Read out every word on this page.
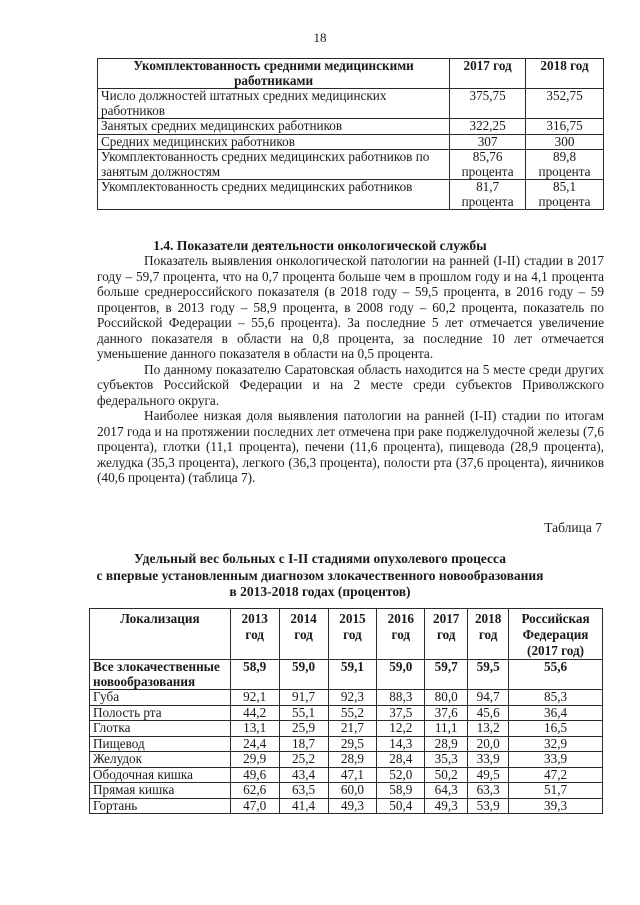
18
Укомплектованность средними медицинскими работниками	2017 год	2018 год
Число должностей штатных средних медицинских работников	375,75	352,75
Занятых средних медицинских работников	322,25	316,75
Средних медицинских работников	307	300
Укомплектованность средних медицинских работников по занятым должностям	85,76 процента	89,8 процента
Укомплектованность средних медицинских работников	81,7 процента	85,1 процента
1.4. Показатели деятельности онкологической службы

Показатель выявления онкологической патологии на ранней (I-II) стадии в 2017 году – 59,7 процента, что на 0,7 процента больше чем в прошлом году и на 4,1 процента больше среднероссийского показателя (в 2018 году – 59,5 процента, в 2016 году – 59 процентов, в 2013 году – 58,9 процента, в 2008 году – 60,2 процента, показатель по Российской Федерации – 55,6 процента). За последние 5 лет отмечается увеличение данного показателя в области на 0,8 процента, за последние 10 лет отмечается уменьшение данного показателя в области на 0,5 процента.

По данному показателю Саратовская область находится на 5 месте среди других субъектов Российской Федерации и на 2 месте среди субъектов Приволжского федерального округа.

Наиболее низкая доля выявления патологии на ранней (I-II) стадии по итогам 2017 года и на протяжении последних лет отмечена при раке поджелудочной железы (7,6 процента), глотки (11,1 процента), печени (11,6 процента), пищевода (28,9 процента), желудка (35,3 процента), легкого (36,3 процента), полости рта (37,6 процента), яичников (40,6 процента) (таблица 7).

Таблица 7
Удельный вес больных с I-II стадиями опухолевого процесса
с впервые установленным диагнозом злокачественного новообразования
в 2013-2018 годах (процентов)
Локализация	2013 год	2014 год	2015 год	2016 год	2017 год	2018 год	Российская Федерация (2017 год)
Все злокачественные новообразования	58,9	59,0	59,1	59,0	59,7	59,5	55,6
Губа	92,1	91,7	92,3	88,3	80,0	94,7	85,3
Полость рта	44,2	55,1	55,2	37,5	37,6	45,6	36,4
Глотка	13,1	25,9	21,7	12,2	11,1	13,2	16,5
Пищевод	24,4	18,7	29,5	14,3	28,9	20,0	32,9
Желудок	29,9	25,2	28,9	28,4	35,3	33,9	33,9
Ободочная кишка	49,6	43,4	47,1	52,0	50,2	49,5	47,2
Прямая кишка	62,6	63,5	60,0	58,9	64,3	63,3	51,7
Гортань	47,0	41,4	49,3	50,4	49,3	53,9	39,3
